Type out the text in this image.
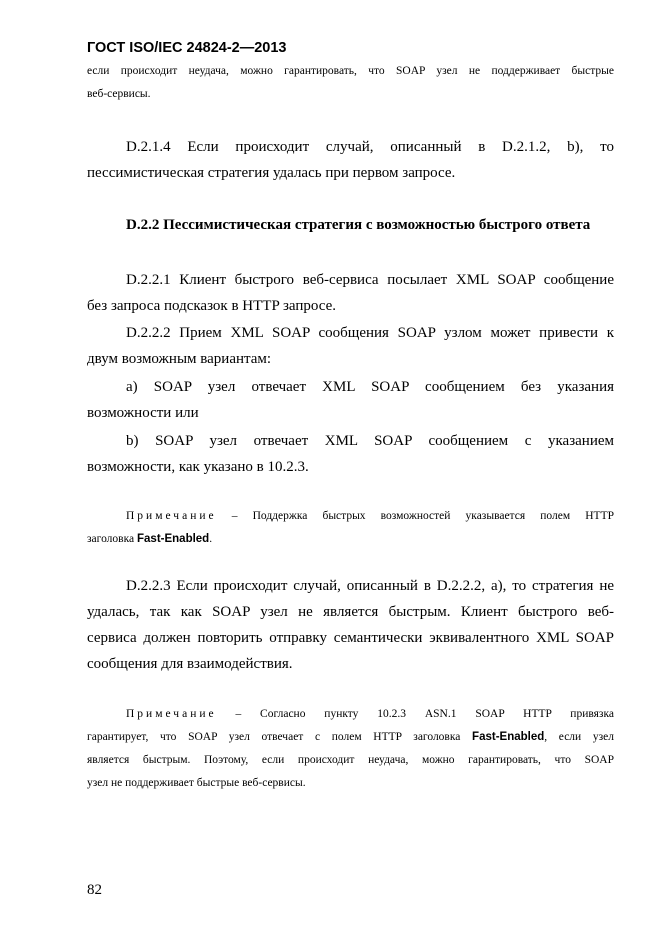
ГОСТ ISO/IEC 24824-2—2013
если происходит неудача, можно гарантировать, что SOAP узел не поддерживает быстрые
веб-сервисы.
D.2.1.4 Если происходит случай, описанный в D.2.1.2, b), то
пессимистическая стратегия удалась при первом запросе.
D.2.2 Пессимистическая стратегия с возможностью быстрого ответа
D.2.2.1 Клиент быстрого веб-сервиса посылает XML SOAP сообщение
без запроса подсказок в HTTP запросе.
D.2.2.2 Прием XML SOAP сообщения SOAP узлом может привести к
двум возможным вариантам:
а) SOAP узел отвечает XML SOAP сообщением без указания
возможности или
b) SOAP узел отвечает XML SOAP сообщением с указанием
возможности, как указано в 10.2.3.
Примечание – Поддержка быстрых возможностей указывается полем HTTP
заголовка Fast-Enabled.
D.2.2.3 Если происходит случай, описанный в D.2.2.2, а), то стратегия не
удалась, так как SOAP узел не является быстрым. Клиент быстрого веб-
сервиса должен повторить отправку семантически эквивалентного XML SOAP
сообщения для взаимодействия.
Примечание – Согласно пункту 10.2.3 ASN.1 SOAP HTTP привязка
гарантирует, что SOAP узел отвечает с полем HTTP заголовка Fast-Enabled, если узел
является быстрым. Поэтому, если происходит неудача, можно гарантировать, что SOAP
узел не поддерживает быстрые веб-сервисы.
82
